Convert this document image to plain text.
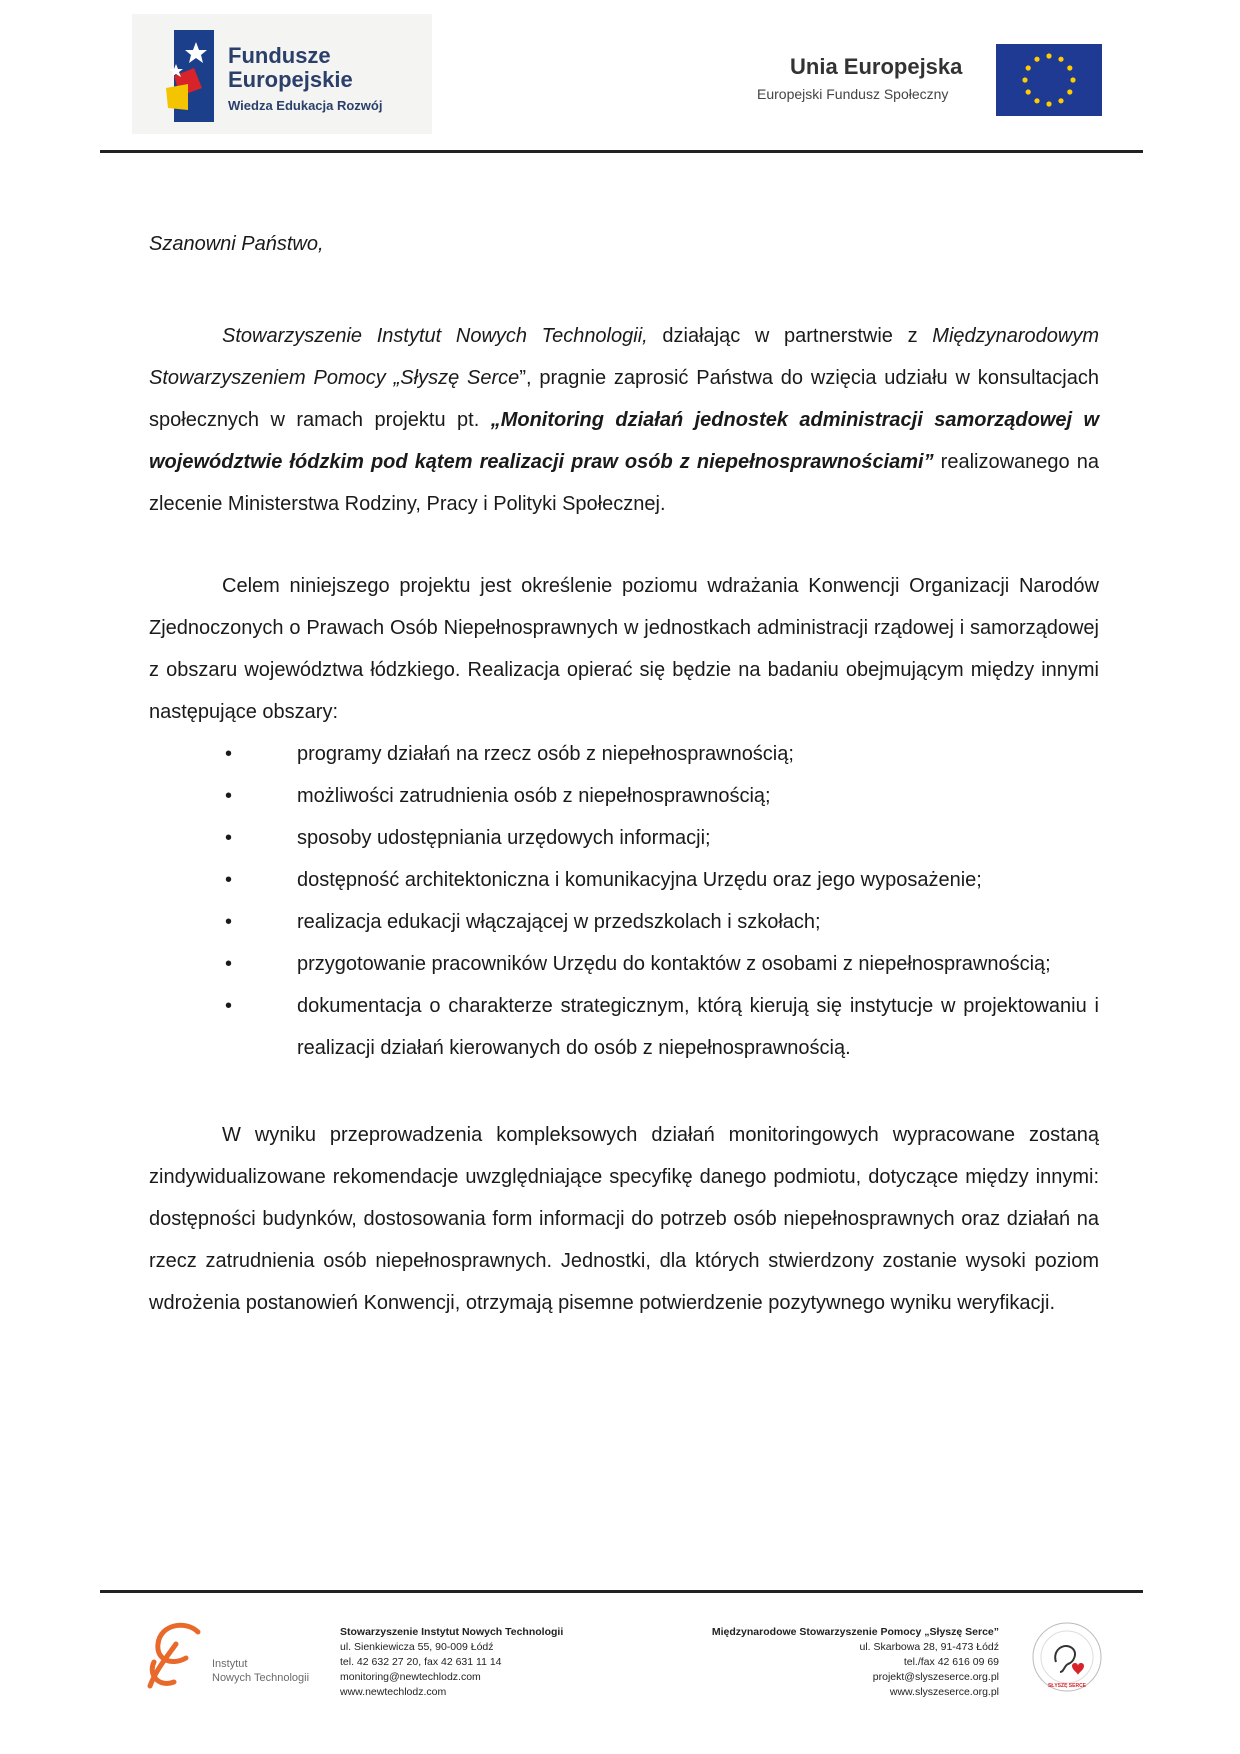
Fundusze
Europejskie
Wiedza Edukacja Rozwój
Unia Europejska
Europejski Fundusz Społeczny
Szanowni Państwo,
Stowarzyszenie Instytut Nowych Technologii, działając w partnerstwie z Międzynarodowym Stowarzyszeniem Pomocy „Słyszę Serce”, pragnie zaprosić Państwa do wzięcia udziału w konsultacjach społecznych w ramach projektu pt. „Monitoring działań jednostek administracji samorządowej w województwie łódzkim pod kątem realizacji praw osób z niepełnosprawnościami” realizowanego na zlecenie Ministerstwa Rodziny, Pracy i Polityki Społecznej.
Celem niniejszego projektu jest określenie poziomu wdrażania Konwencji Organizacji Narodów Zjednoczonych o Prawach Osób Niepełnosprawnych w jednostkach administracji rządowej i samorządowej z obszaru województwa łódzkiego. Realizacja opierać się będzie na badaniu obejmującym między innymi następujące obszary:
•	programy działań na rzecz osób z niepełnosprawnością;
•	możliwości zatrudnienia osób z niepełnosprawnością;
•	sposoby udostępniania urzędowych informacji;
•	dostępność architektoniczna i komunikacyjna Urzędu oraz jego wyposażenie;
•	realizacja edukacji włączającej w przedszkolach i szkołach;
•	przygotowanie pracowników Urzędu do kontaktów z osobami z niepełnosprawnością;
•	dokumentacja o charakterze strategicznym, którą kierują się instytucje w projektowaniu i realizacji działań kierowanych do osób z niepełnosprawnością.
W wyniku przeprowadzenia kompleksowych działań monitoringowych wypracowane zostaną zindywidualizowane rekomendacje uwzględniające specyfikę danego podmiotu, dotyczące między innymi: dostępności budynków, dostosowania form informacji do potrzeb osób niepełnosprawnych oraz działań na rzecz zatrudnienia osób niepełnosprawnych. Jednostki, dla których stwierdzony zostanie wysoki poziom wdrożenia postanowień Konwencji, otrzymają pisemne potwierdzenie pozytywnego wyniku weryfikacji.
Instytut
Nowych Technologii
Stowarzyszenie Instytut Nowych Technologii
ul. Sienkiewicza 55, 90-009 Łódź
tel. 42 632 27 20, fax 42 631 11 14
monitoring@newtechlodz.com
www.newtechlodz.com
Międzynarodowe Stowarzyszenie Pomocy „Słyszę Serce”
ul. Skarbowa 28, 91-473 Łódź
tel./fax 42 616 09 69
projekt@slyszeserce.org.pl
www.slyszeserce.org.pl	SŁYSZĘ SERCE
